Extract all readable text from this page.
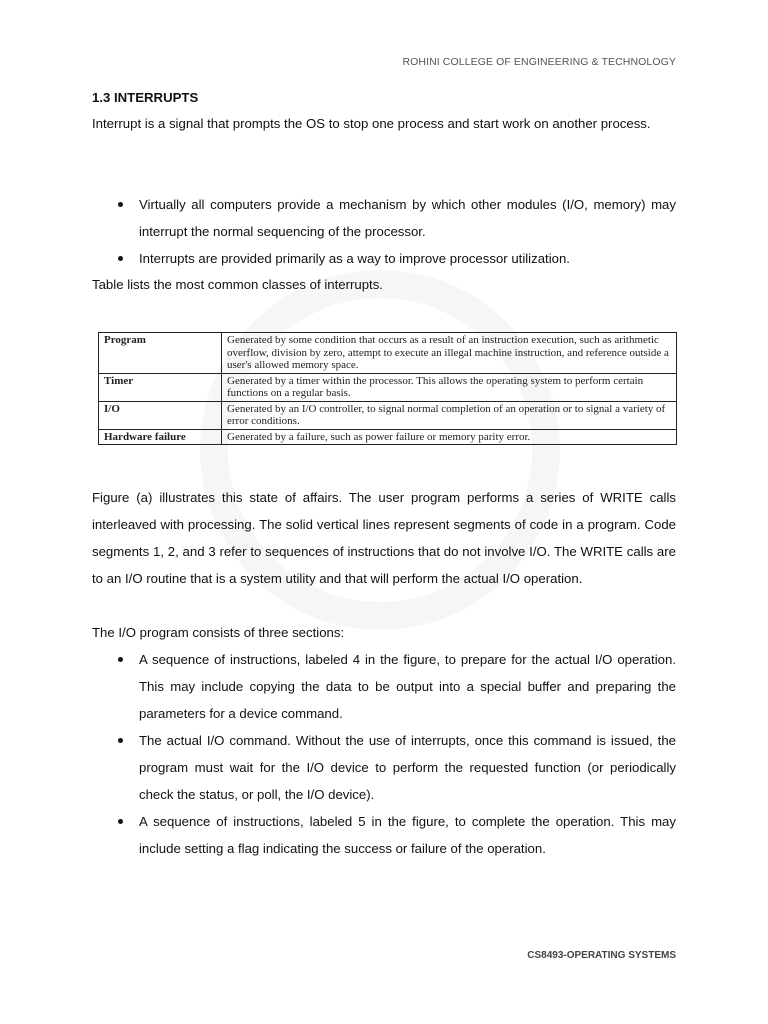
ROHINI COLLEGE OF ENGINEERING & TECHNOLOGY
1.3 INTERRUPTS
Interrupt is a signal that prompts the OS to stop one process and start work on another process.
Virtually all computers provide a mechanism by which other modules (I/O, memory) may interrupt the normal sequencing of the processor.
Interrupts are provided primarily as a way to improve processor utilization.
Table lists the most common classes of interrupts.
Program	Generated by some condition that occurs as a result of an instruction execution, such as arithmetic overflow, division by zero, attempt to execute an illegal machine instruction, and reference outside a user's allowed memory space.
Timer	Generated by a timer within the processor. This allows the operating system to perform certain functions on a regular basis.
I/O	Generated by an I/O controller, to signal normal completion of an operation or to signal a variety of error conditions.
Hardware failure	Generated by a failure, such as power failure or memory parity error.
Figure (a) illustrates this state of affairs. The user program performs a series of WRITE calls interleaved with processing. The solid vertical lines represent segments of code in a program. Code segments 1, 2, and 3 refer to sequences of instructions that do not involve I/O. The WRITE calls are to an I/O routine that is a system utility and that will perform the actual I/O operation.
The I/O program consists of three sections:
A sequence of instructions, labeled 4 in the figure, to prepare for the actual I/O operation. This may include copying the data to be output into a special buffer and preparing the parameters for a device command.
The actual I/O command. Without the use of interrupts, once this command is issued, the program must wait for the I/O device to perform the requested function (or periodically check the status, or poll, the I/O device).
A sequence of instructions, labeled 5 in the figure, to complete the operation. This may include setting a flag indicating the success or failure of the operation.
CS8493-OPERATING SYSTEMS
